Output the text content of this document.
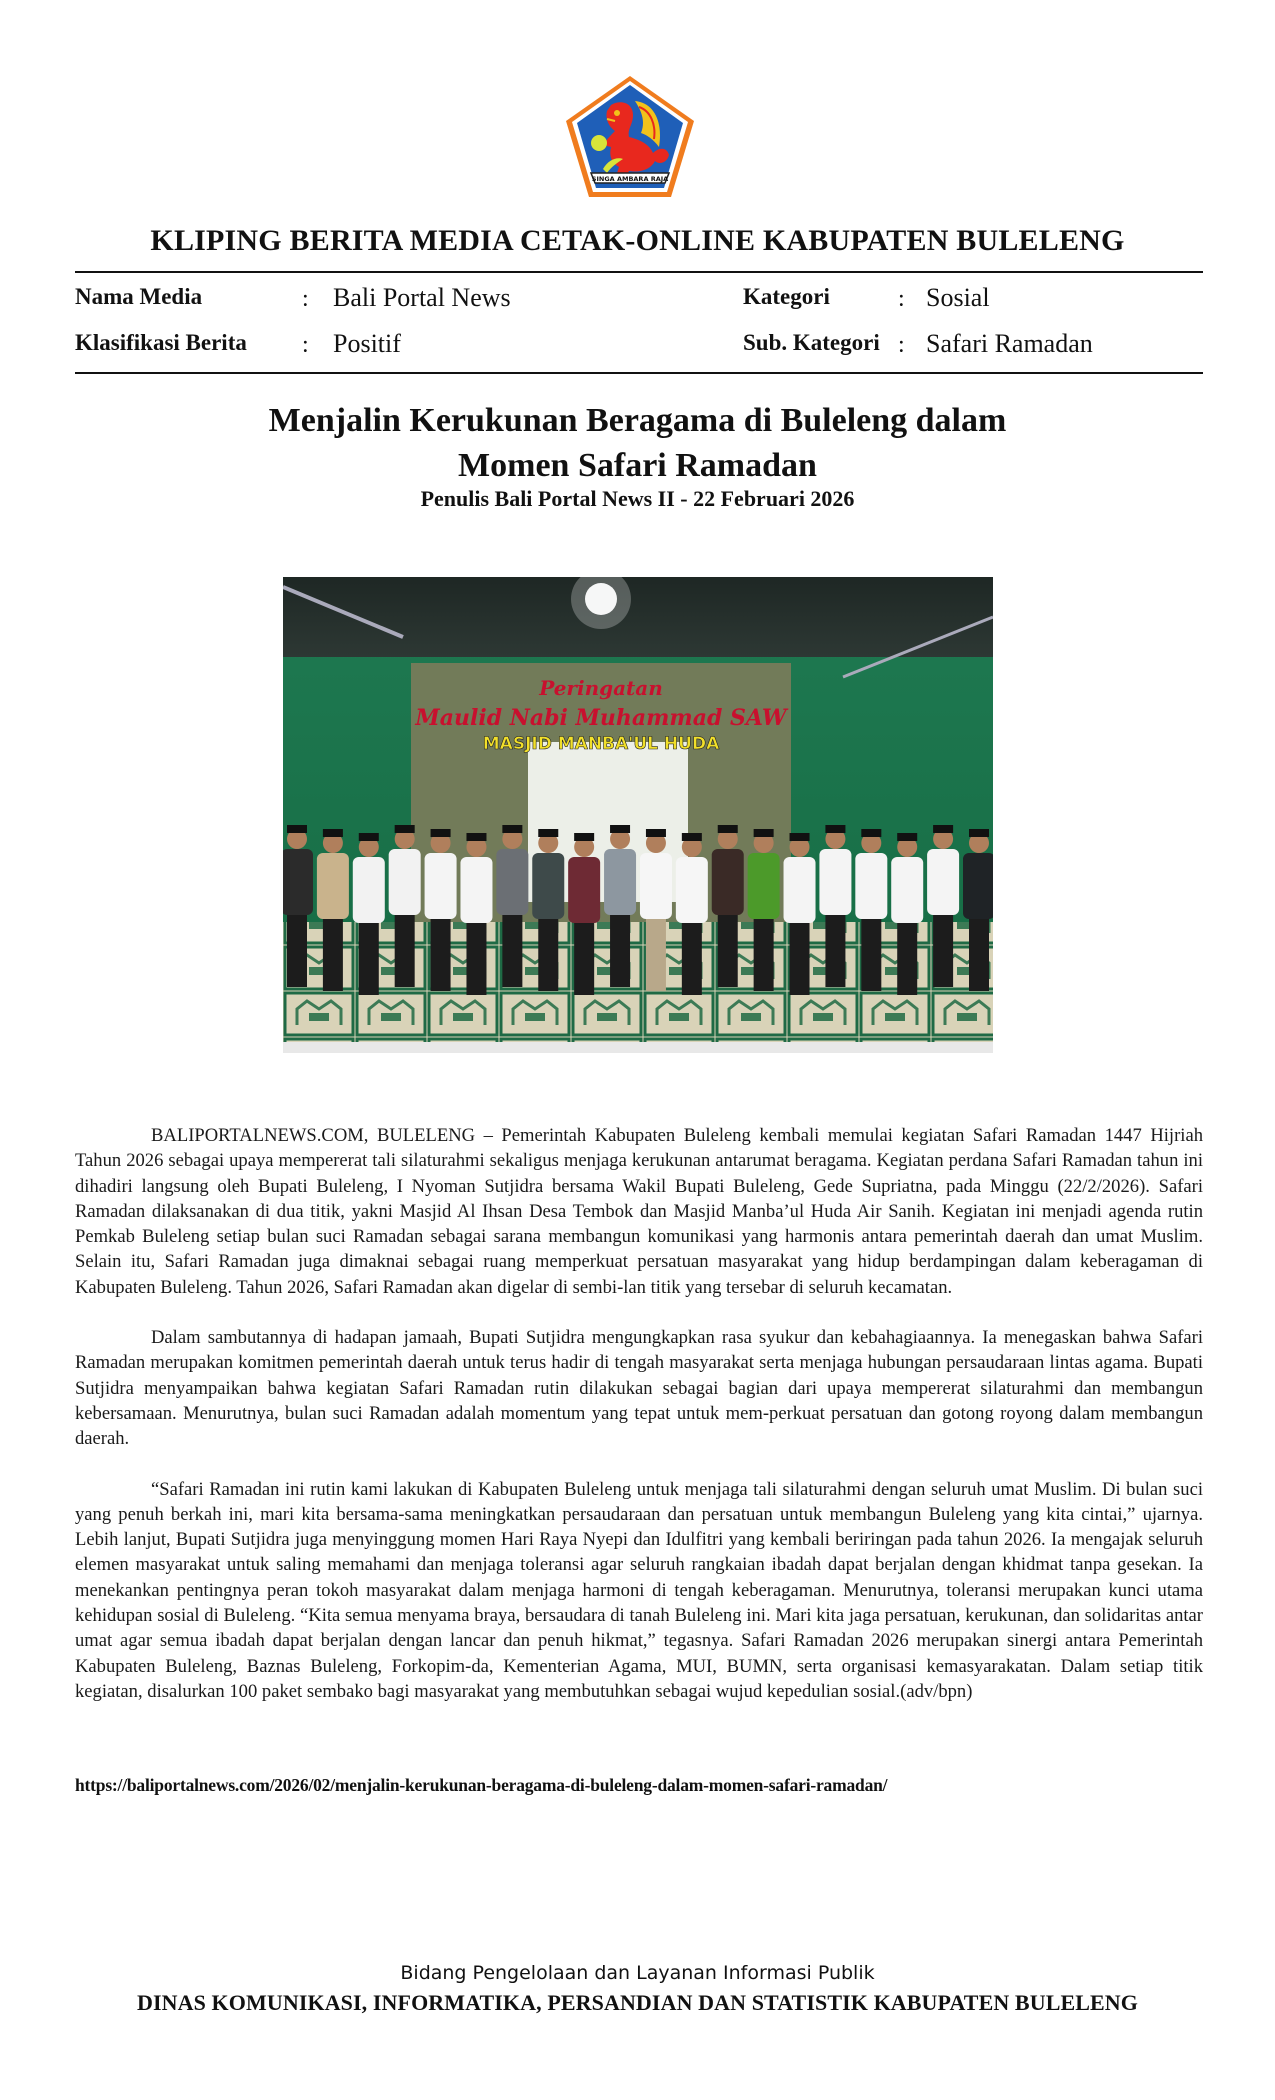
SINGA AMBARA RAJA
KLIPING BERITA MEDIA CETAK-ONLINE KABUPATEN BULELENG
Nama Media	: Bali Portal News
Klasifikasi Berita : Positif
Kategori	: Sosial
Sub. Kategori : Safari Ramadan
Menjalin Kerukunan Beragama di Buleleng dalam
Momen Safari Ramadan
Penulis Bali Portal News II - 22 Februari 2026
Peringatan
Maulid Nabi Muhammad SAW
MASJID MANBA'UL HUDA

BALIPORTALNEWS.COM, BULELENG – Pemerintah Kabupaten Buleleng kembali memulai kegiatan Safari Ramadan 1447 Hijriah Tahun 2026 sebagai upaya mempererat tali silaturahmi sekaligus menjaga kerukunan antarumat beragama. Kegiatan perdana Safari Ramadan tahun ini dihadiri langsung oleh Bupati Buleleng, I Nyoman Sutjidra bersama Wakil Bupati Buleleng, Gede Supriatna, pada Minggu (22/2/2026). Safari Ramadan dilaksanakan di dua titik, yakni Masjid Al Ihsan Desa Tembok dan Masjid Manba’ul Huda Air Sanih. Kegiatan ini menjadi agenda rutin Pemkab Buleleng setiap bulan suci Ramadan sebagai sarana membangun komunikasi yang harmonis antara pemerintah daerah dan umat Muslim. Selain itu, Safari Ramadan juga dimaknai sebagai ruang memperkuat persatuan masyarakat yang hidup berdampingan dalam keberagaman di Kabupaten Buleleng. Tahun 2026, Safari Ramadan akan digelar di sembi-lan titik yang tersebar di seluruh kecamatan.

Dalam sambutannya di hadapan jamaah, Bupati Sutjidra mengungkapkan rasa syukur dan kebahagiaannya. Ia menegaskan bahwa Safari Ramadan merupakan komitmen pemerintah daerah untuk terus hadir di tengah masyarakat serta menjaga hubungan persaudaraan lintas agama. Bupati Sutjidra menyampaikan bahwa kegiatan Safari Ramadan rutin dilakukan sebagai bagian dari upaya mempererat silaturahmi dan membangun kebersamaan. Menurutnya, bulan suci Ramadan adalah momentum yang tepat untuk mem-perkuat persatuan dan gotong royong dalam membangun daerah.

“Safari Ramadan ini rutin kami lakukan di Kabupaten Buleleng untuk menjaga tali silaturahmi dengan seluruh umat Muslim. Di bulan suci yang penuh berkah ini, mari kita bersama-sama meningkatkan persaudaraan dan persatuan untuk membangun Buleleng yang kita cintai,” ujarnya. Lebih lanjut, Bupati Sutjidra juga menyinggung momen Hari Raya Nyepi dan Idulfitri yang kembali beriringan pada tahun 2026. Ia mengajak seluruh elemen masyarakat untuk saling memahami dan menjaga toleransi agar seluruh rangkaian ibadah dapat berjalan dengan khidmat tanpa gesekan. Ia menekankan pentingnya peran tokoh masyarakat dalam menjaga harmoni di tengah keberagaman. Menurutnya, toleransi merupakan kunci utama kehidupan sosial di Buleleng. “Kita semua menyama braya, bersaudara di tanah Buleleng ini. Mari kita jaga persatuan, kerukunan, dan solidaritas antar umat agar semua ibadah dapat berjalan dengan lancar dan penuh hikmat,” tegasnya. Safari Ramadan 2026 merupakan sinergi antara Pemerintah Kabupaten Buleleng, Baznas Buleleng, Forkopim-da, Kementerian Agama, MUI, BUMN, serta organisasi kemasyarakatan. Dalam setiap titik kegiatan, disalurkan 100 paket sembako bagi masyarakat yang membutuhkan sebagai wujud kepedulian sosial.(adv/bpn)

https://baliportalnews.com/2026/02/menjalin-kerukunan-beragama-di-buleleng-dalam-momen-safari-ramadan/
Bidang Pengelolaan dan Layanan Informasi Publik
DINAS KOMUNIKASI, INFORMATIKA, PERSANDIAN DAN STATISTIK KABUPATEN BULELENG
